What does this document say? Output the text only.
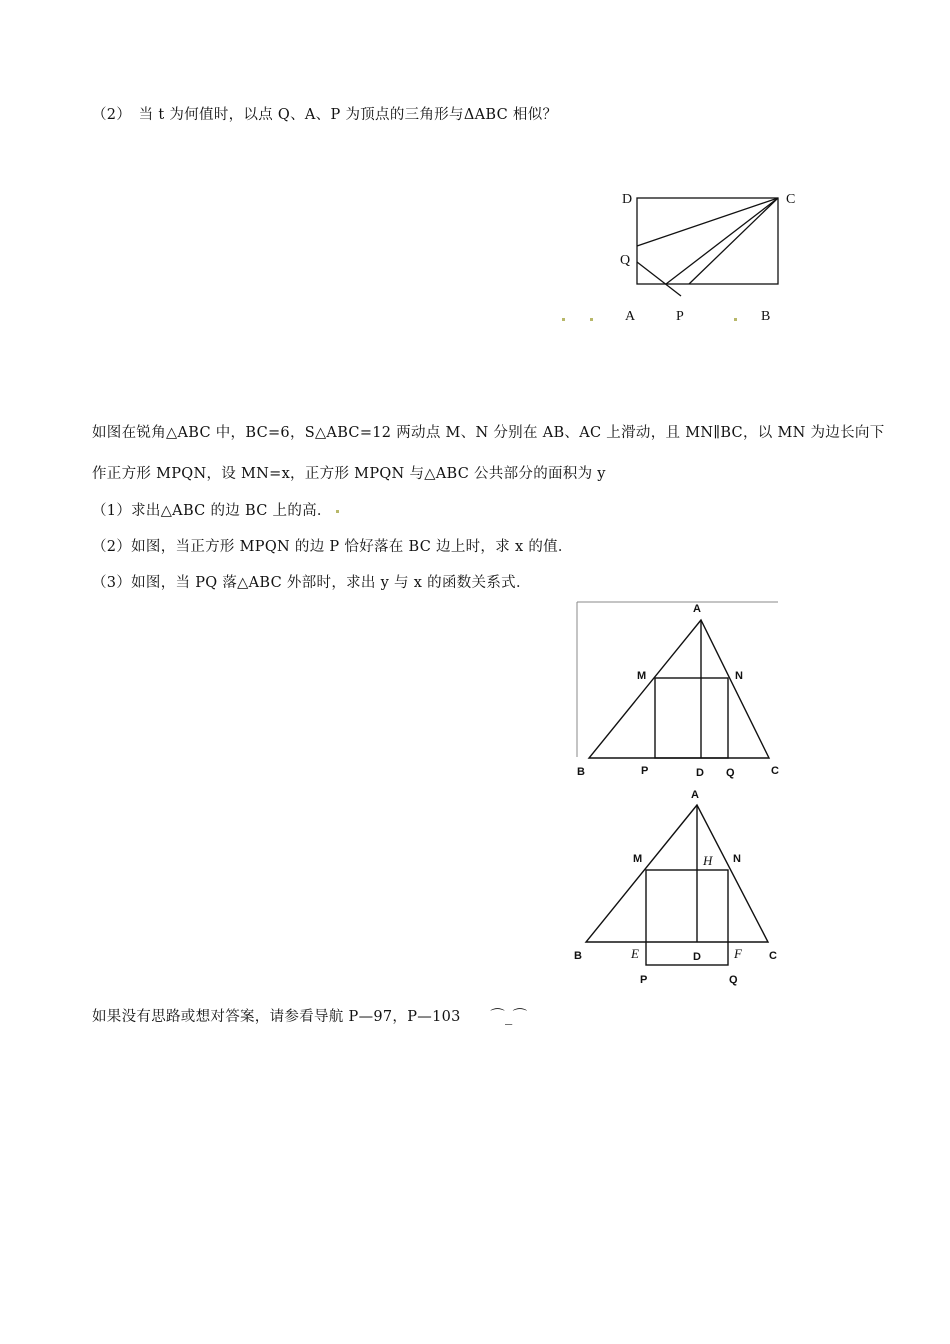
（2）　当 t 为何值时，以点 Q、A、P 为顶点的三角形与ΔABC 相似？
D	C
Q
A	P	B
如图在锐角△ABC 中，BC=6，S△ABC=12 两动点 M、N 分别在 AB、AC 上滑动，且 MN∥BC，以 MN 为边长向下
作正方形 MPQN，设 MN=x，正方形 MPQN 与△ABC 公共部分的面积为 y
（1）求出△ABC 的边 BC 上的高．
（2）如图，当正方形 MPQN 的边 P 恰好落在 BC 边上时，求 x 的值．
（3）如图，当 PQ 落△ABC 外部时，求出 y 与 x 的函数关系式．
A
M	N
B	P	D Q	C
A
M	H N
B	E	D	F C
P	Q
如果没有思路或想对答案，请参看导航 P—97，P—103　　⌒_⌒
